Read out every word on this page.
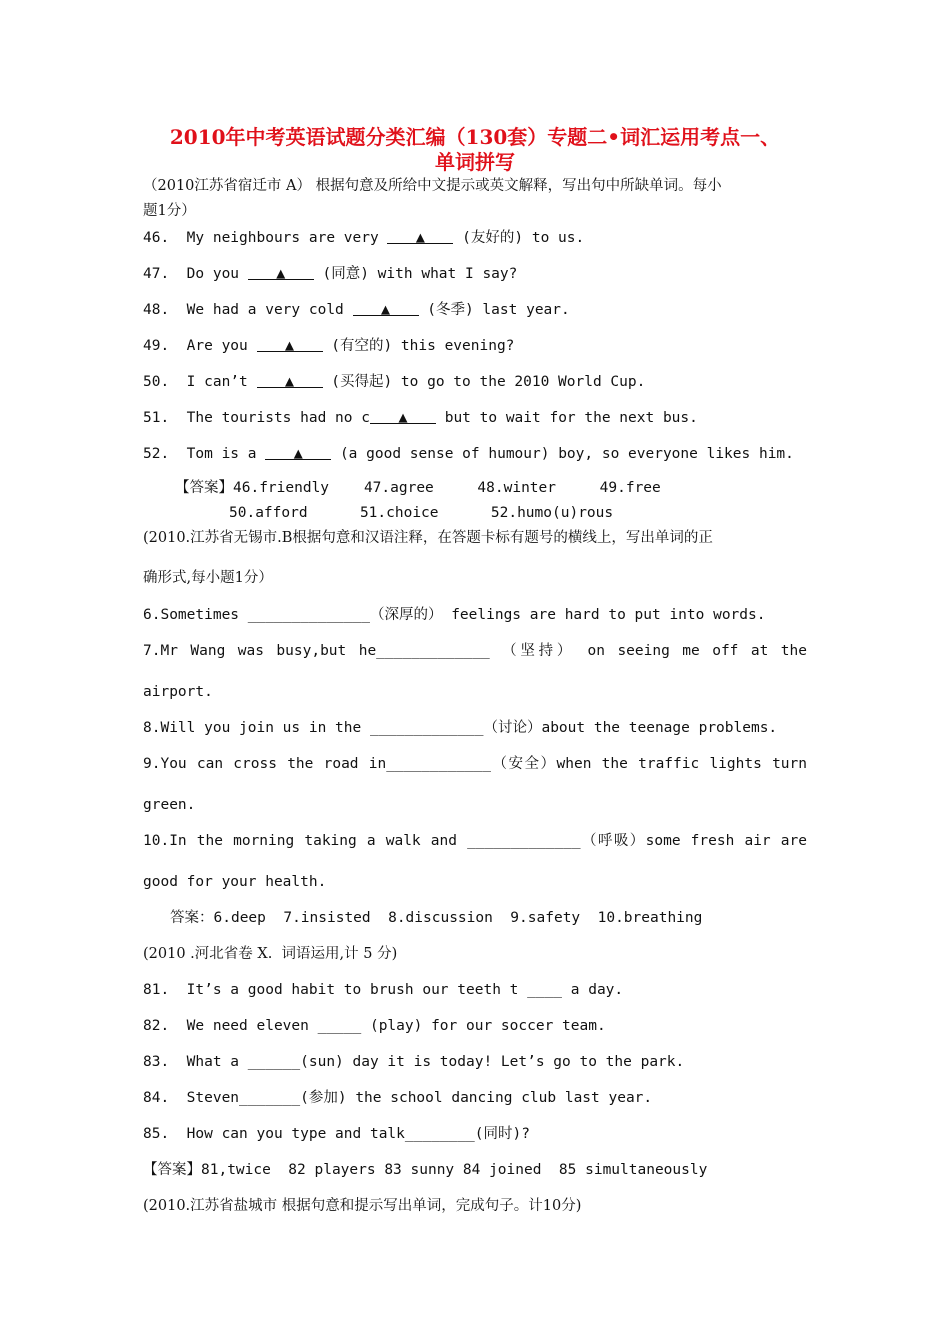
2010年中考英语试题分类汇编（130套）专题二•词汇运用考点一、
单词拼写
（2010江苏省宿迁市 A） 根据句意及所给中文提示或英文解释，写出句中所缺单词。每小
题1分）
46.  My neighbours are very ▲	(友好的) to us.
47.  Do you ▲	(同意) with what I say?
48.  We had a very cold ▲	(冬季) last year.
49.  Are you ▲	(有空的) this evening?
50.  I can’t ▲	(买得起) to go to the 2010 World Cup.
51.  The tourists had no c ▲	but to wait for the next bus.
52.  Tom is a ▲	(a good sense of humour) boy, so everyone likes him.
【答案】46.friendly    47.agree     48.winter     49.free
50.afford      51.choice      52.humo(u)rous
(2010.江苏省无锡市.B根据句意和汉语注释，在答题卡标有题号的横线上，写出单词的正
确形式,每小题1分）
6.Sometimes ______________（深厚的） feelings are hard to put into words.
7.Mr Wang was busy,but he_____________ （坚持） on seeing me off at the
airport.
8.Will you join us in the _____________（讨论）about the teenage problems.
9.You can cross the road in____________（安全）when the traffic lights turn
green.
10.In the morning taking a walk and _____________（呼吸）some fresh air are
good for your health.
答案：6.deep  7.insisted  8.discussion  9.safety  10.breathing
(2010 .河北省卷 X.  词语运用,计 5 分)
81.  It’s a good habit to brush our teeth t ____ a day.
82.  We need eleven _____ (play) for our soccer team.
83.  What a ______(sun) day it is today! Let’s go to the park.
84.  Steven_______(参加) the school dancing club last year.
85.  How can you type and talk________(同时)?
【答案】81,twice  82 players 83 sunny 84 joined  85 simultaneously
(2010.江苏省盐城市 根据句意和提示写出单词，完成句子。计10分)
